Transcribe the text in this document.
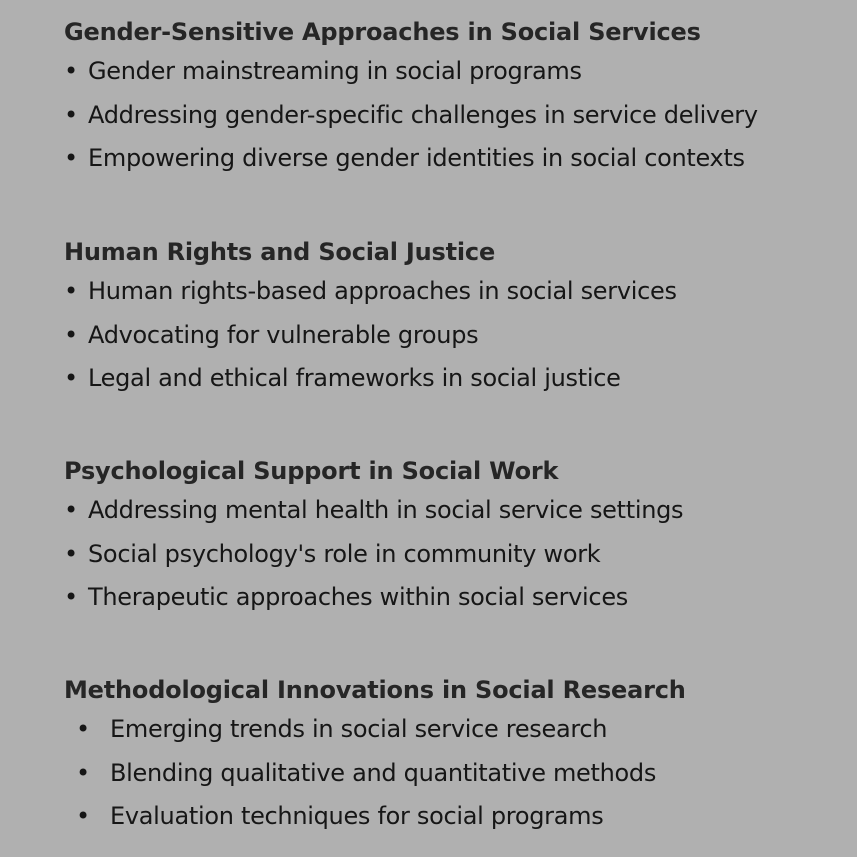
Gender-Sensitive Approaches in Social Services
• Gender mainstreaming in social programs
• Addressing gender-specific challenges in service delivery
• Empowering diverse gender identities in social contexts
Human Rights and Social Justice
• Human rights-based approaches in social services
• Advocating for vulnerable groups
• Legal and ethical frameworks in social justice
Psychological Support in Social Work
• Addressing mental health in social service settings
• Social psychology's role in community work
• Therapeutic approaches within social services
Methodological Innovations in Social Research
• Emerging trends in social service research
• Blending qualitative and quantitative methods
• Evaluation techniques for social programs
